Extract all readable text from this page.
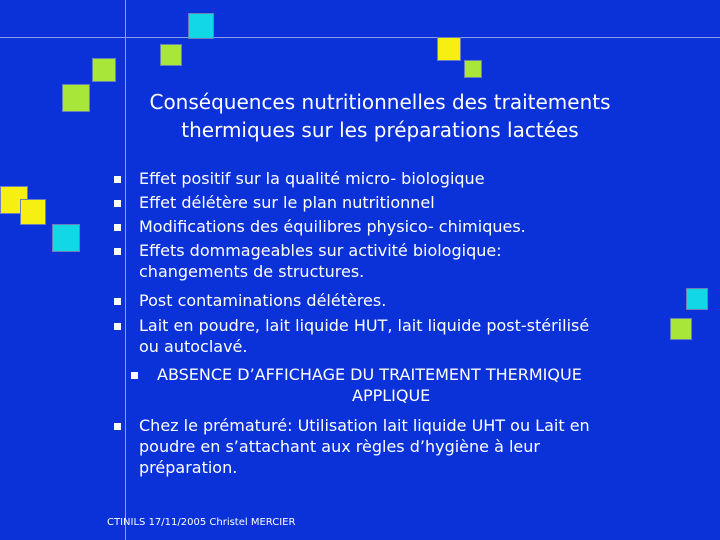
Conséquences nutritionnelles des traitements
thermiques sur les préparations lactées
Effet positif sur la qualité micro- biologique
Effet délétère sur le plan nutritionnel
Modifications des équilibres physico- chimiques.
Effets dommageables sur activité biologique:
changements de structures.
Post contaminations délétères.
Lait en poudre, lait liquide HUT, lait liquide post-stérilisé
ou autoclavé.
ABSENCE D’AFFICHAGE DU TRAITEMENT THERMIQUE
APPLIQUE
Chez le prématuré: Utilisation lait liquide UHT ou Lait en
poudre en s’attachant aux règles d’hygiène à leur
préparation.
CTINILS 17/11/2005 Christel MERCIER
